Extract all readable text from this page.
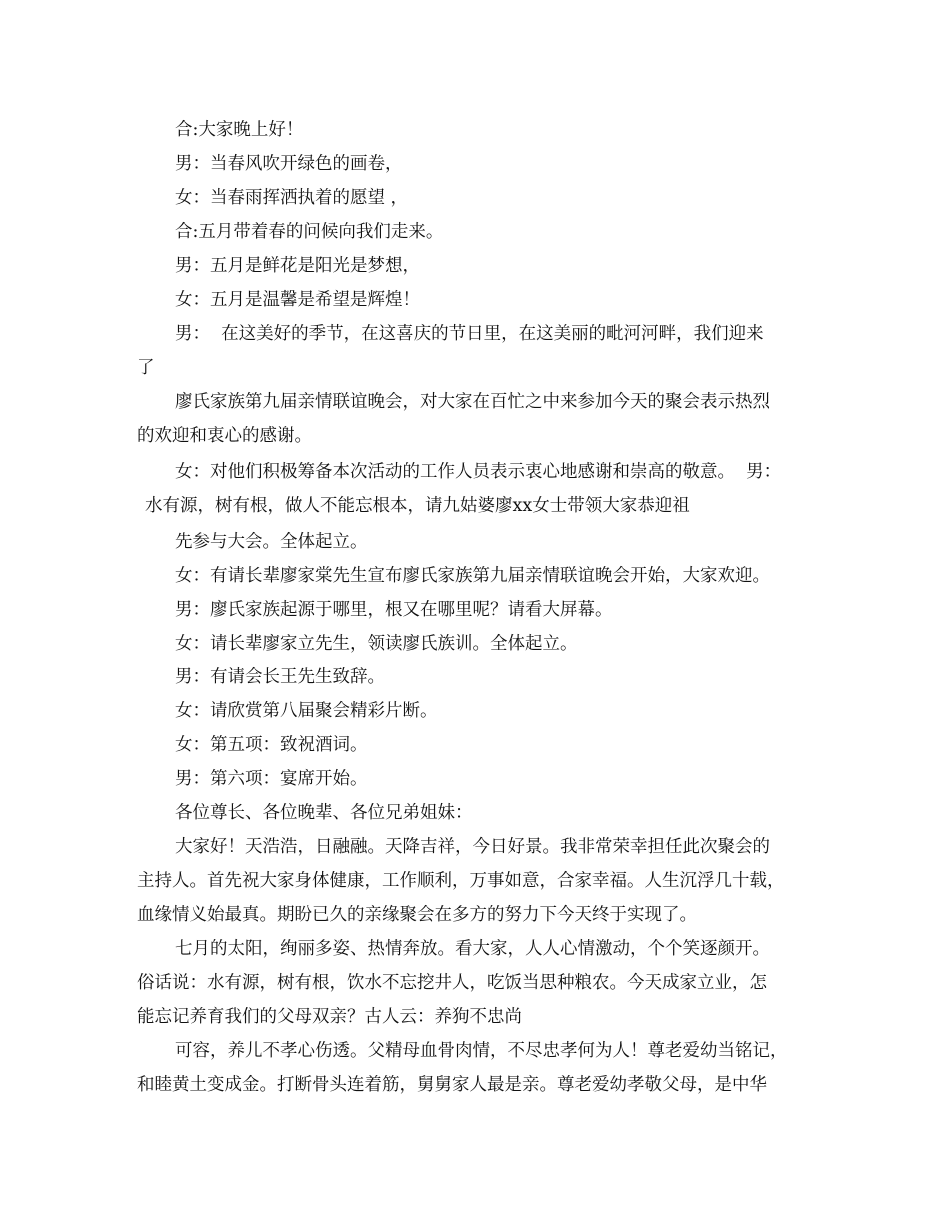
合:大家晚上好！
男：当春风吹开绿色的画卷，
女：当春雨挥洒执着的愿望 ，
合:五月带着春的问候向我们走来。
男：五月是鲜花是阳光是梦想，
女：五月是温馨是希望是辉煌！
男：  在这美好的季节，在这喜庆的节日里，在这美丽的毗河河畔，我们迎来
了
廖氏家族第九届亲情联谊晚会，对大家在百忙之中来参加今天的聚会表示热烈
的欢迎和衷心的感谢。
女：对他们积极筹备本次活动的工作人员表示衷心地感谢和崇高的敬意。  男：
水有源，树有根，做人不能忘根本，请九姑婆廖xx女士带领大家恭迎祖
先参与大会。全体起立。
女：有请长辈廖家棠先生宣布廖氏家族第九届亲情联谊晚会开始，大家欢迎。
男：廖氏家族起源于哪里，根又在哪里呢？请看大屏幕。
女：请长辈廖家立先生，领读廖氏族训。全体起立。
男：有请会长王先生致辞。
女：请欣赏第八届聚会精彩片断。
女：第五项：致祝酒词。
男：第六项：宴席开始。
各位尊长、各位晚辈、各位兄弟姐妹：
大家好！天浩浩，日融融。天降吉祥，今日好景。我非常荣幸担任此次聚会的
主持人。首先祝大家身体健康，工作顺利，万事如意，合家幸福。人生沉浮几十载，
血缘情义始最真。期盼已久的亲缘聚会在多方的努力下今天终于实现了。
七月的太阳，绚丽多姿、热情奔放。看大家，人人心情激动，个个笑逐颜开。
俗话说：水有源，树有根，饮水不忘挖井人，吃饭当思种粮农。今天成家立业，怎
能忘记养育我们的父母双亲？古人云：养狗不忠尚
可容，养儿不孝心伤透。父精母血骨肉情，不尽忠孝何为人！尊老爱幼当铭记，
和睦黄土变成金。打断骨头连着筋，舅舅家人最是亲。尊老爱幼孝敬父母，是中华
